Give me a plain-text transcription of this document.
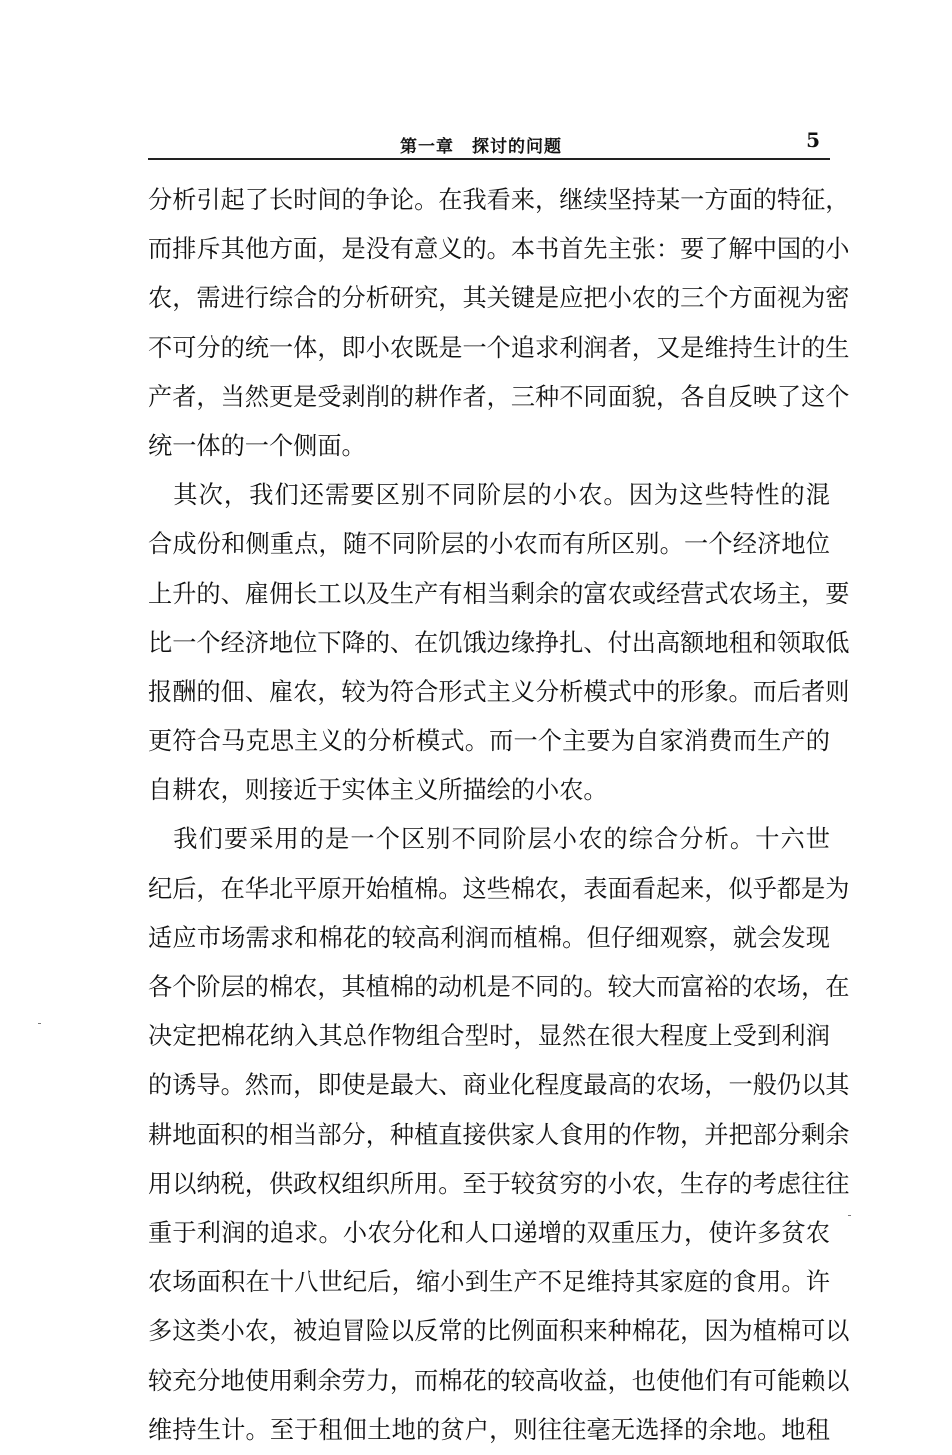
第一章　探讨的问题	5
分析引起了长时间的争论。在我看来，继续坚持某一方面的特征，
而排斥其他方面，是没有意义的。本书首先主张：要了解中国的小
农，需进行综合的分析研究，其关键是应把小农的三个方面视为密
不可分的统一体，即小农既是一个追求利润者，又是维持生计的生
产者，当然更是受剥削的耕作者，三种不同面貌，各自反映了这个
统一体的一个侧面。
　其次，我们还需要区别不同阶层的小农。因为这些特性的混
合成份和侧重点，随不同阶层的小农而有所区别。一个经济地位
上升的、雇佣长工以及生产有相当剩余的富农或经营式农场主，要
比一个经济地位下降的、在饥饿边缘挣扎、付出高额地租和领取低
报酬的佃、雇农，较为符合形式主义分析模式中的形象。而后者则
更符合马克思主义的分析模式。而一个主要为自家消费而生产的
自耕农，则接近于实体主义所描绘的小农。
　我们要采用的是一个区别不同阶层小农的综合分析。十六世
纪后，在华北平原开始植棉。这些棉农，表面看起来，似乎都是为
适应市场需求和棉花的较高利润而植棉。但仔细观察，就会发现
各个阶层的棉农，其植棉的动机是不同的。较大而富裕的农场，在
决定把棉花纳入其总作物组合型时，显然在很大程度上受到利润
的诱导。然而，即使是最大、商业化程度最高的农场，一般仍以其
耕地面积的相当部分，种植直接供家人食用的作物，并把部分剩余
用以纳税，供政权组织所用。至于较贫穷的小农，生存的考虑往往
重于利润的追求。小农分化和人口递增的双重压力，使许多贫农
农场面积在十八世纪后，缩小到生产不足维持其家庭的食用。许
多这类小农，被迫冒险以反常的比例面积来种棉花，因为植棉可以
较充分地使用剩余劳力，而棉花的较高收益，也使他们有可能赖以
维持生计。至于租佃土地的贫户，则往往毫无选择的余地。地租
